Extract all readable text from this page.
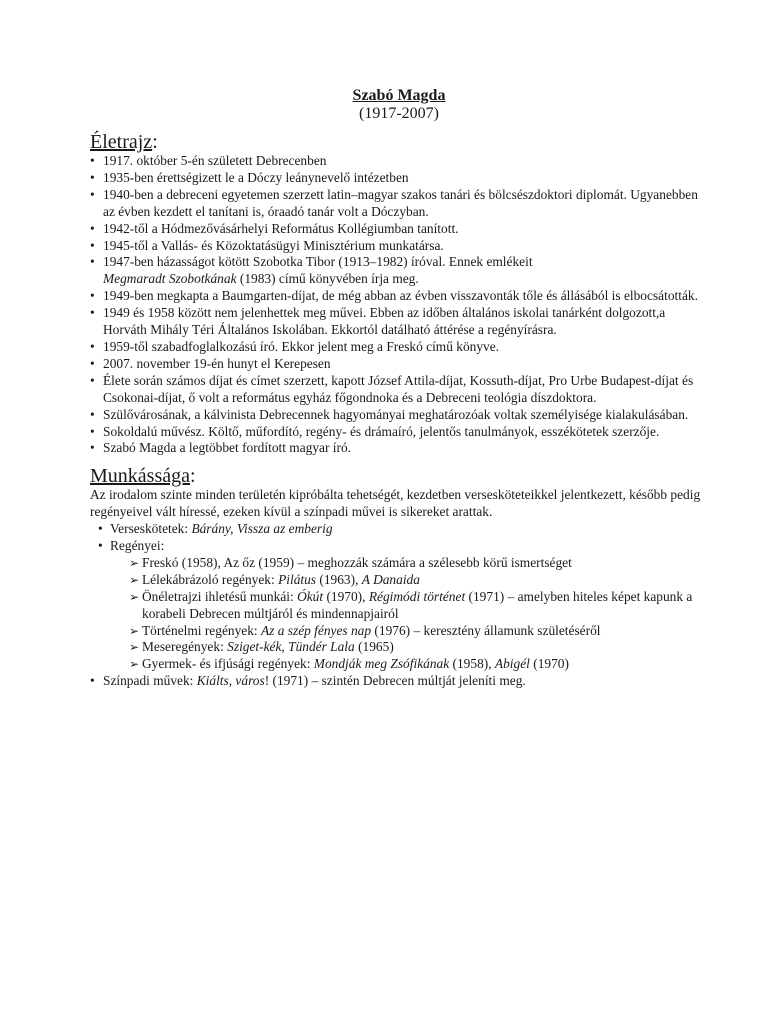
Szabó Magda
(1917-2007)
Életrajz:
• 1917. október 5-én született Debrecenben
• 1935-ben érettségizett le a Dóczy leánynevelő intézetben
• 1940-ben a debreceni egyetemen szerzett latin–magyar szakos tanári és bölcsészdoktori diplomát. Ugyanebben az évben kezdett el tanítani is, óraadó tanár volt a Dóczyban.
• 1942-től a Hódmezővásárhelyi Református Kollégiumban tanított.
• 1945-től a Vallás- és Közoktatásügyi Minisztérium munkatársa.
• 1947-ben házasságot kötött Szobotka Tibor (1913–1982) íróval. Ennek emlékeit
Megmaradt Szobotkának (1983) című könyvében írja meg.
• 1949-ben megkapta a Baumgarten-díjat, de még abban az évben visszavonták tőle és állásából is elbocsátották.
• 1949 és 1958 között nem jelenhettek meg művei. Ebben az időben általános iskolai tanárként dolgozott,a Horváth Mihály Téri Általános Iskolában. Ekkortól datálható áttérése a regényírásra.
• 1959-től szabadfoglalkozású író. Ekkor jelent meg a Freskó című könyve.
• 2007. november 19-én hunyt el Kerepesen
• Élete során számos díjat és címet szerzett, kapott József Attila-díjat, Kossuth-díjat, Pro Urbe Budapest-díjat és Csokonai-díjat, ő volt a református egyház főgondnoka és a Debreceni teológia díszdoktora.
• Szülővárosának, a kálvinista Debrecennek hagyományai meghatározóak voltak személyisége kialakulásában.
• Sokoldalú művész. Költő, műfordító, regény- és drámaíró, jelentős tanulmányok, esszékötetek szerzője.
• Szabó Magda a legtöbbet fordított magyar író.
Munkássága:

Az irodalom szinte minden területén kipróbálta tehetségét, kezdetben versesköteteikkel jelentkezett, később pedig regényeivel vált híressé, ezeken kívül a színpadi művei is sikereket arattak.

• Verseskötetek: Bárány, Vissza az emberig
• Regényei:
➢ Freskó (1958), Az őz (1959) – meghozzák számára a szélesebb körű ismertséget
➢ Lélekábrázoló regények: Pilátus (1963), A Danaida
➢ Önéletrajzi ihletésű munkái: Ókút (1970), Régimódi történet (1971) – amelyben hiteles képet kapunk a korabeli Debrecen múltjáról és mindennapjairól
➢ Történelmi regények: Az a szép fényes nap (1976) – keresztény államunk születéséről
➢ Meseregények: Sziget-kék, Tündér Lala (1965)
➢ Gyermek- és ifjúsági regények: Mondják meg Zsófikának (1958), Abigél (1970)
• Színpadi művek: Kiálts, város! (1971) – szintén Debrecen múltját jeleníti meg.
